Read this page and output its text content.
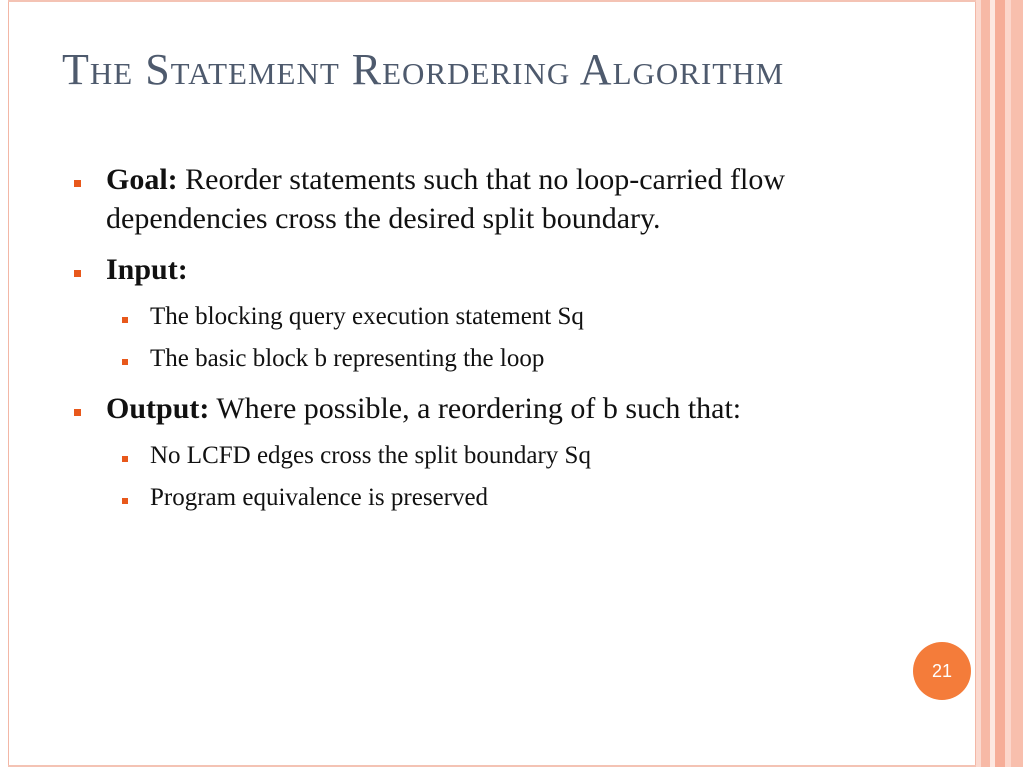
The Statement Reordering Algorithm
Goal: Reorder statements such that no loop-carried flow dependencies cross the desired split boundary.
Input:
The blocking query execution statement Sq
The basic block b representing the loop
Output: Where possible, a reordering of b such that:
No LCFD edges cross the split boundary Sq
Program equivalence is preserved
21
